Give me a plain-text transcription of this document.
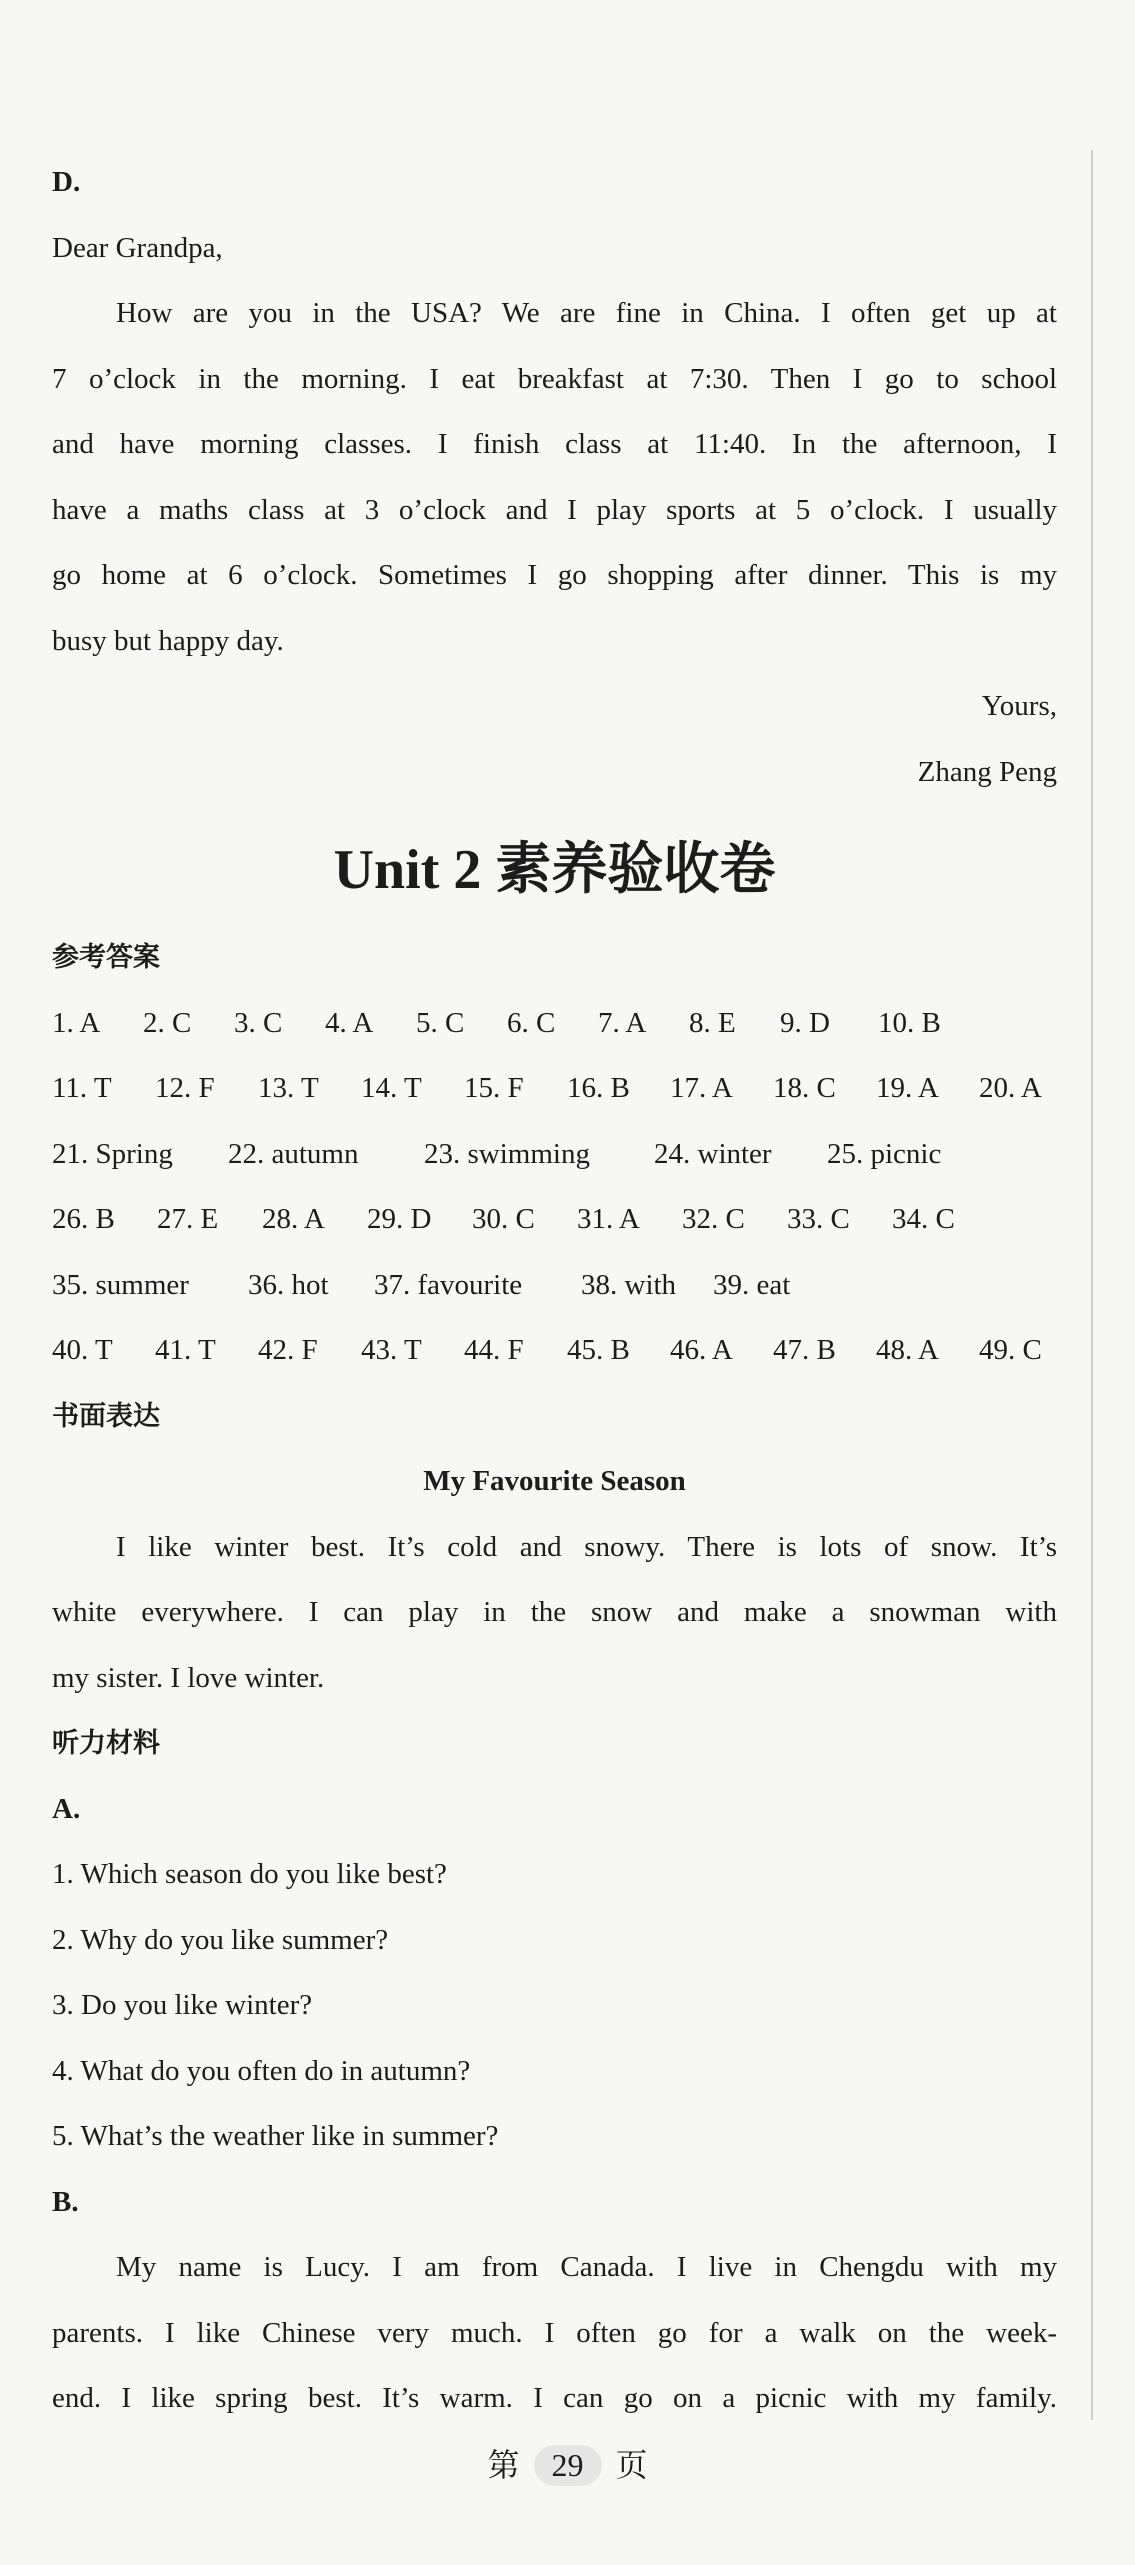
D.

Dear Grandpa,

How are you in the USA? We are fine in China. I often get up at

7 o’clock in the morning. I eat breakfast at 7:30. Then I go to school

and have morning classes. I finish class at 11:40. In the afternoon, I

have a maths class at 3 o’clock and I play sports at 5 o’clock. I usually

go home at 6 o’clock. Sometimes I go shopping after dinner. This is my

busy but happy day.

Yours,

Zhang Peng

Unit 2 素养验收卷
参考答案
1. A	2. C	3. C	4. A	5. C	6. C	7. A	8. E	9. D	10. B
11. T	12. F	13. T	14. T	15. F	16. B	17. A	18. C	19. A	20. A
21. Spring	22. autumn	23. swimming	24. winter	25. picnic
26. B	27. E	28. A	29. D	30. C	31. A	32. C	33. C	34. C
35. summer	36. hot	37. favourite	38. with	39. eat
40. T	41. T	42. F	43. T	44. F	45. B	46. A	47. B	48. A	49. C
书面表达
My Favourite Season

I like winter best. It’s cold and snowy. There is lots of snow. It’s

white everywhere. I can play in the snow and make a snowman with

my sister. I love winter.

听力材料

A.

1. Which season do you like best?

2. Why do you like summer?

3. Do you like winter?

4. What do you often do in autumn?

5. What’s the weather like in summer?

B.

My name is Lucy. I am from Canada. I live in Chengdu with my

parents. I like Chinese very much. I often go for a walk on the week-

end. I like spring best. It’s warm. I can go on a picnic with my family.

第 29 页
